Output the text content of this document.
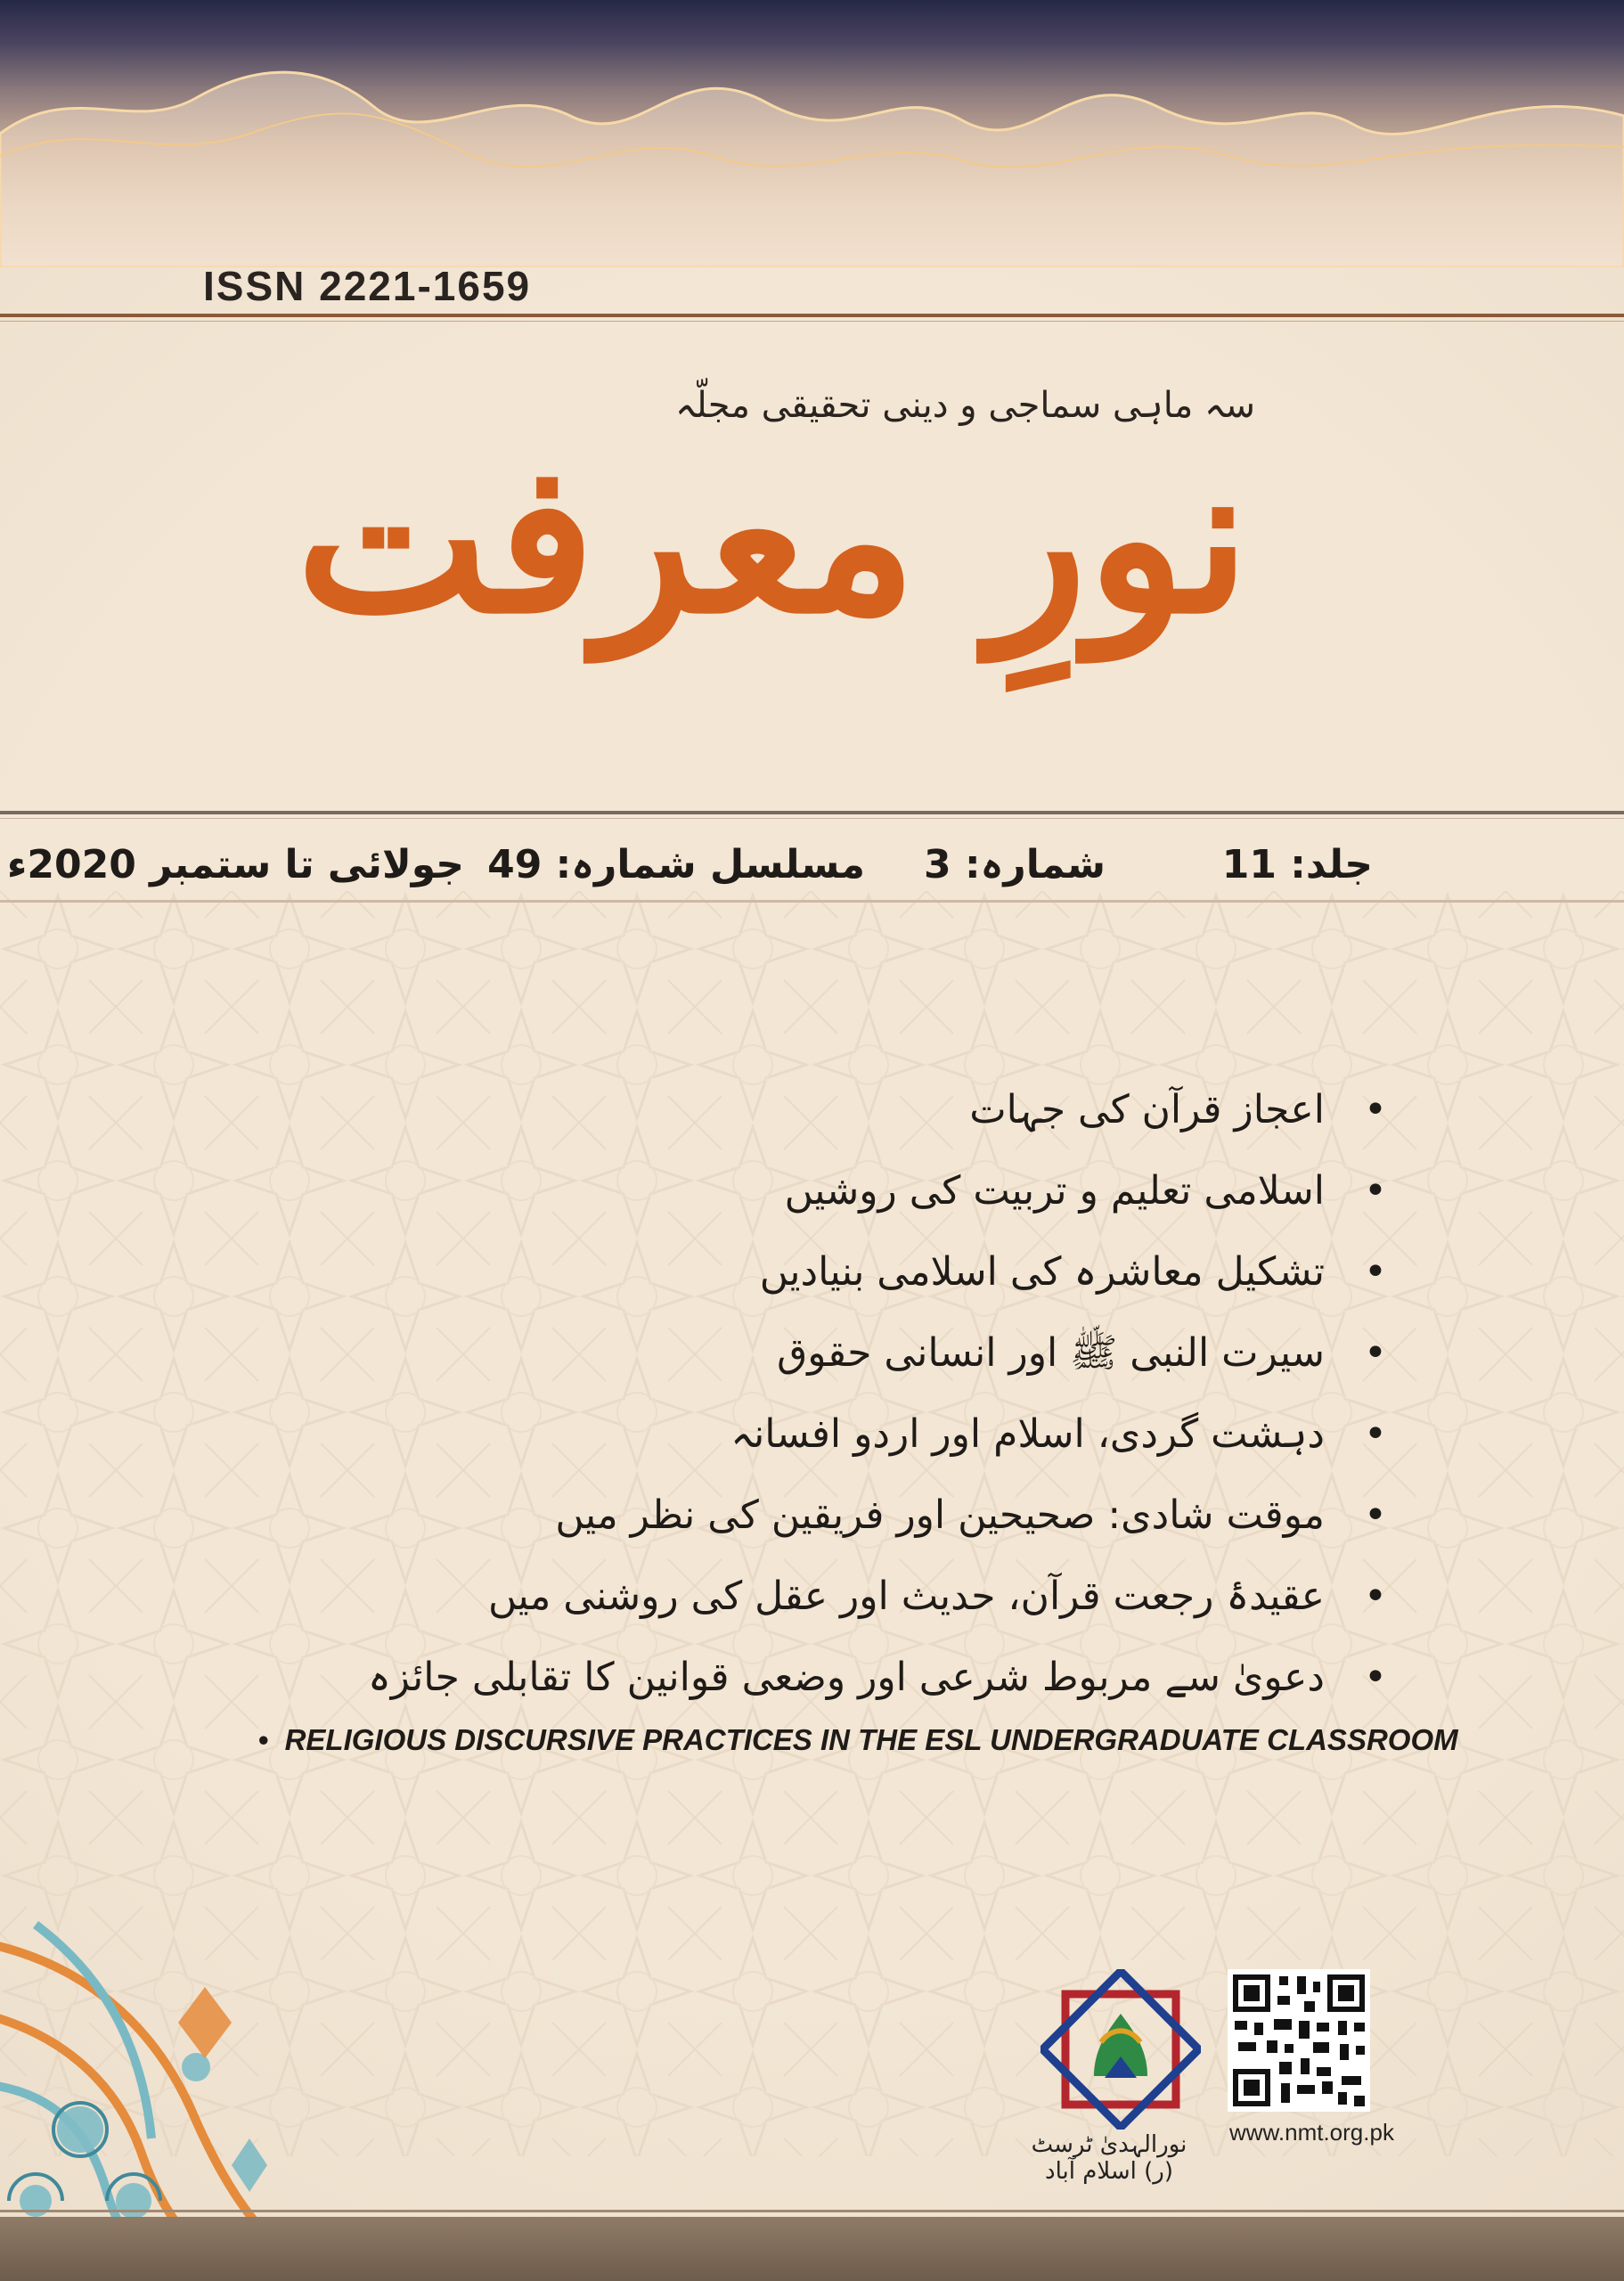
ISSN 2221-1659
سہ ماہی سماجی و دینی تحقیقی مجلّہ
نورِ معرفت
جلد: 11
شمارہ: 3
مسلسل شمارہ: 49
جولائی تا ستمبر 2020ء
• اعجاز قرآن کی جہات
• اسلامی تعلیم و تربیت کی روشیں
• تشکیل معاشرہ کی اسلامی بنیادیں
• سیرت النبی ﷺ اور انسانی حقوق
• دہشت گردی، اسلام اور اردو افسانہ
• موقت شادی: صحیحین اور فریقین کی نظر میں
• عقیدۂ رجعت قرآن، حدیث اور عقل کی روشنی میں
• دعویٰ سے مربوط شرعی اور وضعی قوانین کا تقابلی جائزہ
• RELIGIOUS DISCURSIVE PRACTICES IN THE ESL UNDERGRADUATE CLASSROOM
نورالہدیٰ ٹرسٹ (ر) اسلام آباد
www.nmt.org.pk
